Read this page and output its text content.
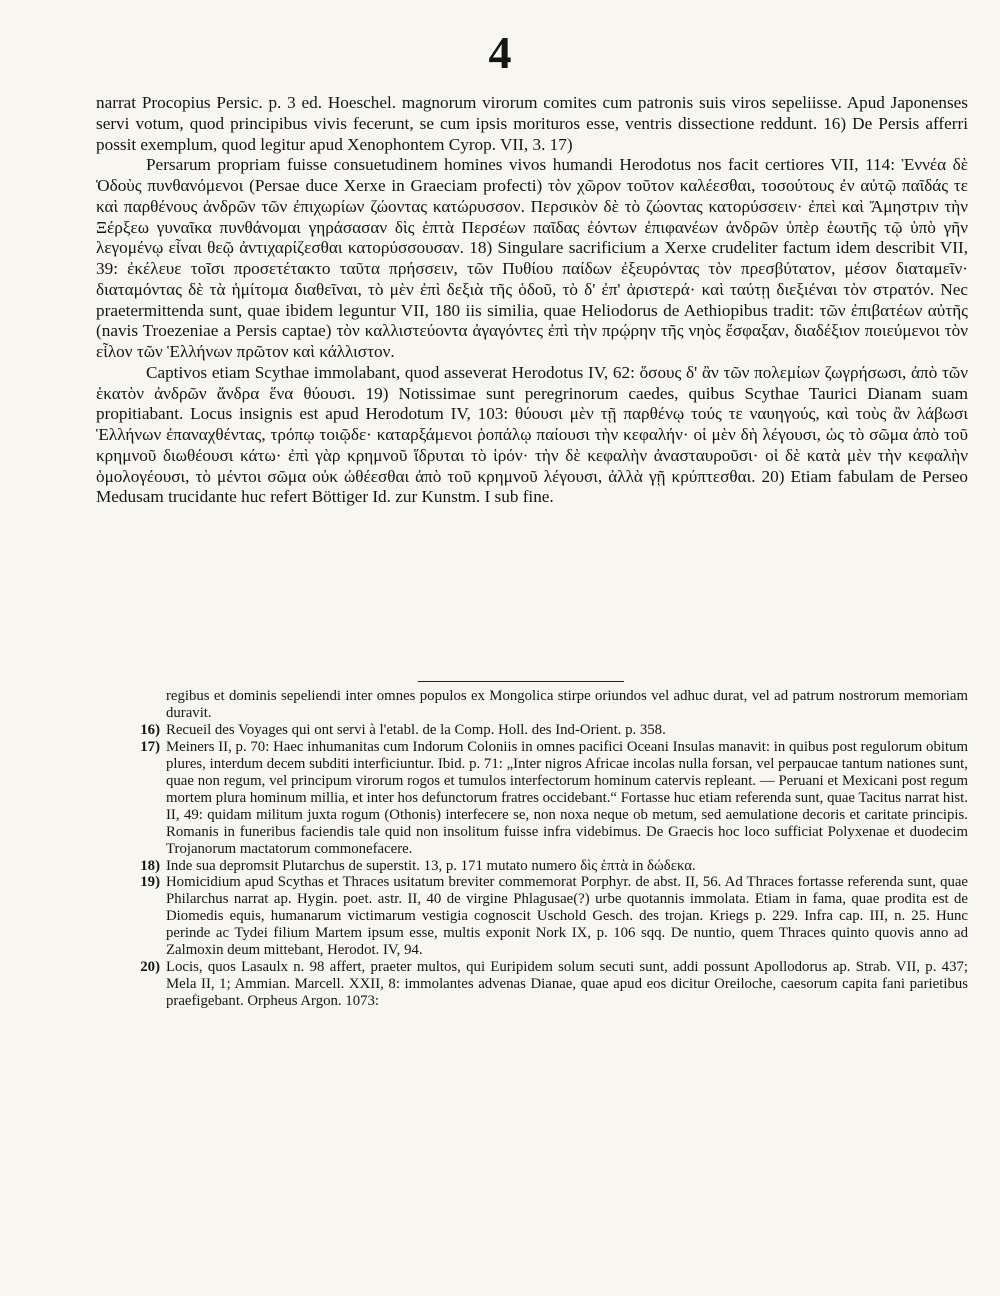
4

narrat Procopius Persic. p. 3 ed. Hoeschel. magnorum virorum comites cum patronis suis viros sepeliisse. Apud Japonenses servi votum, quod principibus vivis fecerunt, se cum ipsis morituros esse, ventris dissectione reddunt. 16) De Persis afferri possit exemplum, quod legitur apud Xenophontem Cyrop. VII, 3. 17)

Persarum propriam fuisse consuetudinem homines vivos humandi Herodotus nos facit certiores VII, 114: Ἐννέα δὲ Ὁδοὺς πυνθανόμενοι (Persae duce Xerxe in Graeciam profecti) τὸν χῶρον τοῦτον καλέεσθαι, τοσούτους ἐν αὐτῷ παῖδάς τε καὶ παρθένους ἀνδρῶν τῶν ἐπιχωρίων ζώοντας κατώρυσσον. Περσικὸν δὲ τὸ ζώοντας κατορύσσειν· ἐπεὶ καὶ Ἄμηστριν τὴν Ξέρξεω γυναῖκα πυνθάνομαι γηράσασαν δὶς ἑπτὰ Περσέων παῖδας ἐόντων ἐπιφανέων ἀνδρῶν ὑπὲρ ἑωυτῆς τῷ ὑπὸ γῆν λεγομένῳ εἶναι θεῷ ἀντιχαρίζεσθαι κατορύσσουσαν. 18) Singulare sacrificium a Xerxe crudeliter factum idem describit VII, 39: ἐκέλευε τοῖσι προσετέτακτο ταῦτα πρήσσειν, τῶν Πυθίου παίδων ἐξευρόντας τὸν πρεσβύτατον, μέσον διαταμεῖν· διαταμόντας δὲ τὰ ἡμίτομα διαθεῖναι, τὸ μὲν ἐπὶ δεξιὰ τῆς ὁδοῦ, τὸ δ' ἐπ' ἀριστερά· καὶ ταύτῃ διεξιέναι τὸν στρατόν. Nec praetermittenda sunt, quae ibidem leguntur VII, 180 iis similia, quae Heliodorus de Aethiopibus tradit: τῶν ἐπιβατέων αὐτῆς (navis Troezeniae a Persis captae) τὸν καλλιστεύοντα ἀγαγόντες ἐπὶ τὴν πρῴρην τῆς νηὸς ἔσφαξαν, διαδέξιον ποιεύμενοι τὸν εἷλον τῶν Ἑλλήνων πρῶτον καὶ κάλλιστον.

Captivos etiam Scythae immolabant, quod asseverat Herodotus IV, 62: ὅσους δ' ἂν τῶν πολεμίων ζωγρήσωσι, ἀπὸ τῶν ἑκατὸν ἀνδρῶν ἄνδρα ἕνα θύουσι. 19) Notissimae sunt peregrinorum caedes, quibus Scythae Taurici Dianam suam propitiabant. Locus insignis est apud Herodotum IV, 103: θύουσι μὲν τῇ παρθένῳ τούς τε ναυηγούς, καὶ τοὺς ἂν λάβωσι Ἑλλήνων ἐπαναχθέντας, τρόπῳ τοιῷδε· καταρξάμενοι ῥοπάλῳ παίουσι τὴν κεφαλήν· οἱ μὲν δὴ λέγουσι, ὡς τὸ σῶμα ἀπὸ τοῦ κρημνοῦ διωθέουσι κάτω· ἐπὶ γὰρ κρημνοῦ ἵδρυται τὸ ἱρόν· τὴν δὲ κεφαλὴν ἀνασταυροῦσι· οἱ δὲ κατὰ μὲν τὴν κεφαλὴν ὁμολογέουσι, τὸ μέντοι σῶμα οὐκ ὠθέεσθαι ἀπὸ τοῦ κρημνοῦ λέγουσι, ἀλλὰ γῇ κρύπτεσθαι. 20) Etiam fabulam de Perseo Medusam trucidante huc refert Böttiger Id. zur Kunstm. I sub fine.

regibus et dominis sepeliendi inter omnes populos ex Mongolica stirpe oriundos vel adhuc durat, vel ad patrum nostrorum memoriam duravit.
16) Recueil des Voyages qui ont servi à l'etabl. de la Comp. Holl. des Ind-Orient. p. 358.
17) Meiners II, p. 70: Haec inhumanitas cum Indorum Coloniis in omnes pacifici Oceani Insulas manavit: in quibus post regulorum obitum plures, interdum decem subditi interficiuntur. Ibid. p. 71: „Inter nigros Africae incolas nulla forsan, vel perpaucae tantum nationes sunt, quae non regum, vel principum virorum rogos et tumulos interfectorum hominum catervis repleant. — Peruani et Mexicani post regum mortem plura hominum millia, et inter hos defunctorum fratres occidebant.“ Fortasse huc etiam referenda sunt, quae Tacitus narrat hist. II, 49: quidam militum juxta rogum (Othonis) interfecere se, non noxa neque ob metum, sed aemulatione decoris et caritate principis. Romanis in funeribus faciendis tale quid non insolitum fuisse infra videbimus. De Graecis hoc loco sufficiat Polyxenae et duodecim Trojanorum mactatorum commonefacere.
18) Inde sua depromsit Plutarchus de superstit. 13, p. 171 mutato numero δὶς ἑπτὰ in δώδεκα.
19) Homicidium apud Scythas et Thraces usitatum breviter commemorat Porphyr. de abst. II, 56. Ad Thraces fortasse referenda sunt, quae Philarchus narrat ap. Hygin. poet. astr. II, 40 de virgine Phlagusae(?) urbe quotannis immolata. Etiam in fama, quae prodita est de Diomedis equis, humanarum victimarum vestigia cognoscit Uschold Gesch. des trojan. Kriegs p. 229. Infra cap. III, n. 25. Hunc perinde ac Tydei filium Martem ipsum esse, multis exponit Nork IX, p. 106 sqq. De nuntio, quem Thraces quinto quovis anno ad Zalmoxin deum mittebant, Herodot. IV, 94.
20) Locis, quos Lasaulx n. 98 affert, praeter multos, qui Euripidem solum secuti sunt, addi possunt Apollodorus ap. Strab. VII, p. 437; Mela II, 1; Ammian. Marcell. XXII, 8: immolantes advenas Dianae, quae apud eos dicitur Oreiloche, caesorum capita fani parietibus praefigebant. Orpheus Argon. 1073:
